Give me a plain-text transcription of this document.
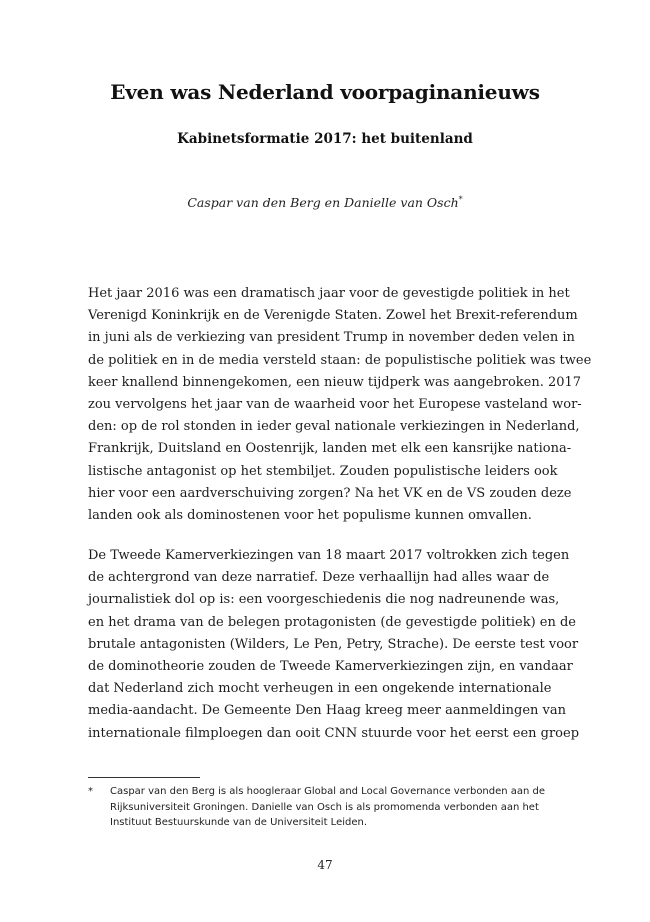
Even was Nederland voorpaginanieuws
Kabinetsformatie 2017: het buitenland

Caspar van den Berg en Danielle van Osch*

Het jaar 2016 was een dramatisch jaar voor de gevestigde politiek in het
Verenigd Koninkrijk en de Verenigde Staten. Zowel het Brexit-referendum
in juni als de verkiezing van president Trump in november deden velen in
de politiek en in de media versteld staan: de populistische politiek was twee
keer knallend binnengekomen, een nieuw tijdperk was aangebroken. 2017
zou vervolgens het jaar van de waarheid voor het Europese vasteland wor-
den: op de rol stonden in ieder geval nationale verkiezingen in Nederland,
Frankrijk, Duitsland en Oostenrijk, landen met elk een kansrijke nationa-
listische antagonist op het stembiljet. Zouden populistische leiders ook
hier voor een aardverschuiving zorgen? Na het VK en de VS zouden deze
landen ook als dominostenen voor het populisme kunnen omvallen.
De Tweede Kamerverkiezingen van 18 maart 2017 voltrokken zich tegen
de achtergrond van deze narratief. Deze verhaallijn had alles waar de
journalistiek dol op is: een voorgeschiedenis die nog nadreunende was,
en het drama van de belegen protagonisten (de gevestigde politiek) en de
brutale antagonisten (Wilders, Le Pen, Petry, Strache). De eerste test voor
de dominotheorie zouden de Tweede Kamerverkiezingen zijn, en vandaar
dat Nederland zich mocht verheugen in een ongekende internationale
media-aandacht. De Gemeente Den Haag kreeg meer aanmeldingen van
internationale filmploegen dan ooit CNN stuurde voor het eerst een groep
* Caspar van den Berg is als hoogleraar Global and Local Governance verbonden aan de
Rijksuniversiteit Groningen. Danielle van Osch is als promomenda verbonden aan het
Instituut Bestuurskunde van de Universiteit Leiden.
47
